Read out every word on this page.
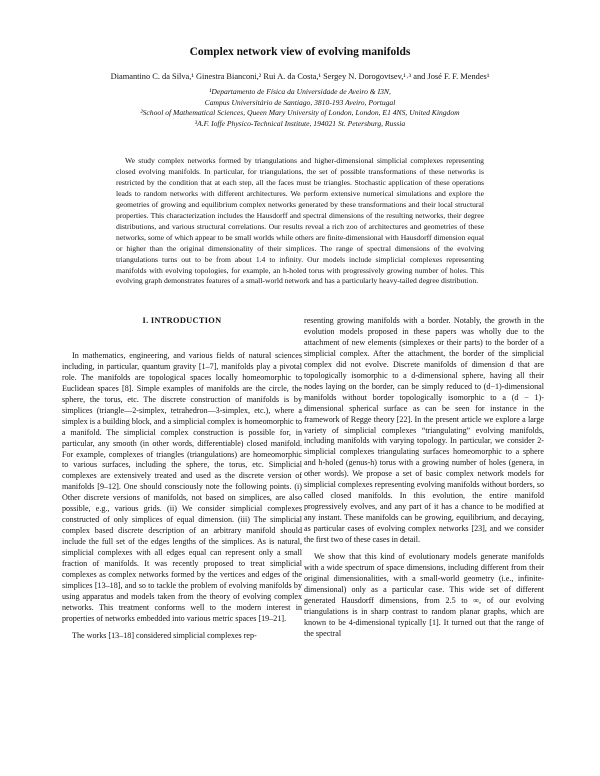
Complex network view of evolving manifolds
Diamantino C. da Silva,¹ Ginestra Bianconi,² Rui A. da Costa,¹ Sergey N. Dorogovtsev,¹˒³ and José F. F. Mendes¹
¹Departamento de Física da Universidade de Aveiro & I3N,
Campus Universitário de Santiago, 3810-193 Aveiro, Portugal
²School of Mathematical Sciences, Queen Mary University of London, London, E1 4NS, United Kingdom
³A.F. Ioffe Physico-Technical Institute, 194021 St. Petersburg, Russia

We study complex networks formed by triangulations and higher-dimensional simplicial complexes representing closed evolving manifolds. In particular, for triangulations, the set of possible transformations of these networks is restricted by the condition that at each step, all the faces must be triangles. Stochastic application of these operations leads to random networks with different architectures. We perform extensive numerical simulations and explore the geometries of growing and equilibrium complex networks generated by these transformations and their local structural properties. This characterization includes the Hausdorff and spectral dimensions of the resulting networks, their degree distributions, and various structural correlations. Our results reveal a rich zoo of architectures and geometries of these networks, some of which appear to be small worlds while others are finite-dimensional with Hausdorff dimension equal or higher than the original dimensionality of their simplices. The range of spectral dimensions of the evolving triangulations turns out to be from about 1.4 to infinity. Our models include simplicial complexes representing manifolds with evolving topologies, for example, an h-holed torus with progressively growing number of holes. This evolving graph demonstrates features of a small-world network and has a particularly heavy-tailed degree distribution.

I. INTRODUCTION

In mathematics, engineering, and various fields of natural sciences including, in particular, quantum gravity [1–7], manifolds play a pivotal role. The manifolds are topological spaces locally homeomorphic to Euclidean spaces [8]. Simple examples of manifolds are the circle, the sphere, the torus, etc. The discrete construction of manifolds is by simplices (triangle—2-simplex, tetrahedron—3-simplex, etc.), where a simplex is a building block, and a simplicial complex is homeomorphic to a manifold. The simplicial complex construction is possible for, in particular, any smooth (in other words, differentiable) closed manifold. For example, complexes of triangles (triangulations) are homeomorphic to various surfaces, including the sphere, the torus, etc. Simplicial complexes are extensively treated and used as the discrete version of manifolds [9–12]. One should consciously note the following points. (i) Other discrete versions of manifolds, not based on simplices, are also possible, e.g., various grids. (ii) We consider simplicial complexes constructed of only simplices of equal dimension. (iii) The simplicial complex based discrete description of an arbitrary manifold should include the full set of the edges lengths of the simplices. As is natural, simplicial complexes with all edges equal can represent only a small fraction of manifolds. It was recently proposed to treat simplicial complexes as complex networks formed by the vertices and edges of the simplices [13–18], and so to tackle the problem of evolving manifolds by using apparatus and models taken from the theory of evolving complex networks. This treatment conforms well to the modern interest in properties of networks embedded into various metric spaces [19–21].

The works [13–18] considered simplicial complexes rep-

resenting growing manifolds with a border. Notably, the growth in the evolution models proposed in these papers was wholly due to the attachment of new elements (simplexes or their parts) to the border of a simplicial complex. After the attachment, the border of the simplicial complex did not evolve. Discrete manifolds of dimension d that are topologically isomorphic to a d-dimensional sphere, having all their nodes laying on the border, can be simply reduced to (d−1)-dimensional manifolds without border topologically isomorphic to a (d − 1)-dimensional spherical surface as can be seen for instance in the framework of Regge theory [22]. In the present article we explore a large variety of simplicial complexes “triangulating” evolving manifolds, including manifolds with varying topology. In particular, we consider 2-simplicial complexes triangulating surfaces homeomorphic to a sphere and h-holed (genus-h) torus with a growing number of holes (genera, in other words). We propose a set of basic complex network models for simplicial complexes representing evolving manifolds without borders, so called closed manifolds. In this evolution, the entire manifold progressively evolves, and any part of it has a chance to be modified at any instant. These manifolds can be growing, equilibrium, and decaying, as particular cases of evolving complex networks [23], and we consider the first two of these cases in detail.

We show that this kind of evolutionary models generate manifolds with a wide spectrum of space dimensions, including different from their original dimensionalities, with a small-world geometry (i.e., infinite-dimensional) only as a particular case. This wide set of different generated Hausdorff dimensions, from 2.5 to ∞, of our evolving triangulations is in sharp contrast to random planar graphs, which are known to be 4-dimensional typically [1]. It turned out that the range of the spectral
